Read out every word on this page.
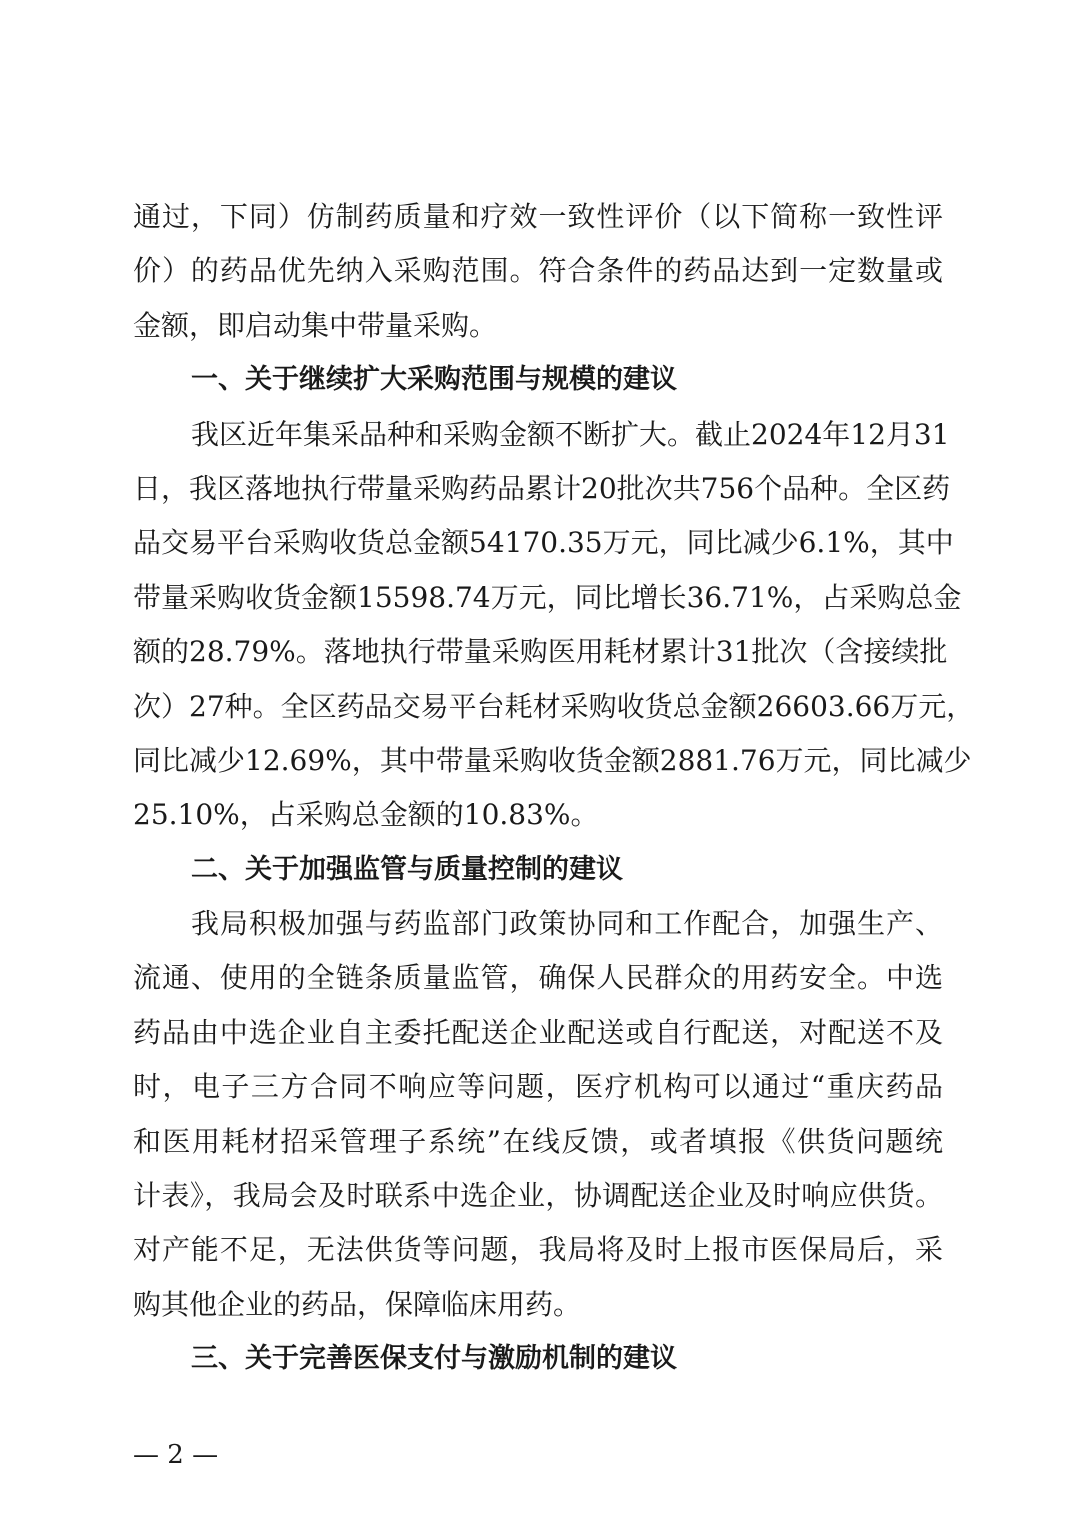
通过，下同）仿制药质量和疗效一致性评价（以下简称一致性评
价）的药品优先纳入采购范围。符合条件的药品达到一定数量或
金额，即启动集中带量采购。
一、关于继续扩大采购范围与规模的建议
我区近年集采品种和采购金额不断扩大。截止2024年12月31
日，我区落地执行带量采购药品累计20批次共756个品种。全区药
品交易平台采购收货总金额54170.35万元，同比减少6.1%，其中
带量采购收货金额15598.74万元，同比增长36.71%，占采购总金
额的28.79%。落地执行带量采购医用耗材累计31批次（含接续批
次）27种。全区药品交易平台耗材采购收货总金额26603.66万元，
同比减少12.69%，其中带量采购收货金额2881.76万元，同比减少
25.10%，占采购总金额的10.83%。
二、关于加强监管与质量控制的建议
我局积极加强与药监部门政策协同和工作配合，加强生产、
流通、使用的全链条质量监管，确保人民群众的用药安全。中选
药品由中选企业自主委托配送企业配送或自行配送，对配送不及
时，电子三方合同不响应等问题，医疗机构可以通过“重庆药品
和医用耗材招采管理子系统”在线反馈，或者填报《供货问题统
计表》，我局会及时联系中选企业，协调配送企业及时响应供货。
对产能不足，无法供货等问题，我局将及时上报市医保局后，采
购其他企业的药品，保障临床用药。
三、关于完善医保支付与激励机制的建议
— 2 —
